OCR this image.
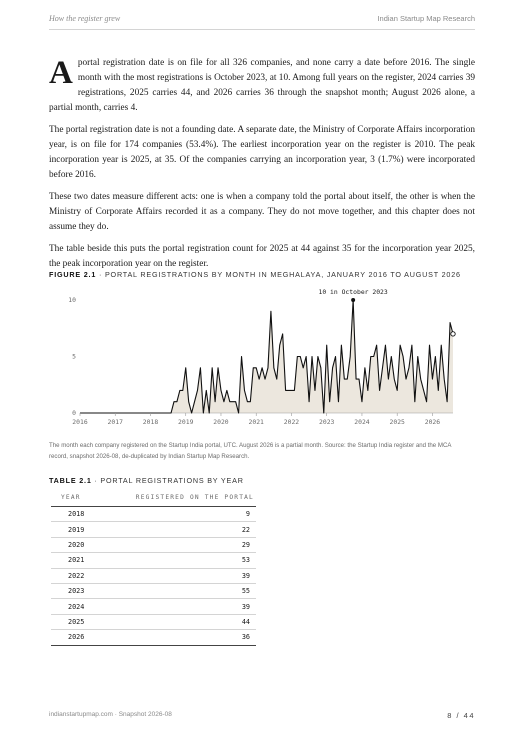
How the register grew	Indian Startup Map Research

Aportal registration date is on file for all 326 companies, and none carry a date before 2016. The single month with the most registrations is October 2023, at 10. Among full years on the register, 2024 carries 39 registrations, 2025 carries 44, and 2026 carries 36 through the snapshot month; August 2026 alone, a partial month, carries 4.

The portal registration date is not a founding date. A separate date, the Ministry of Corporate Affairs incorporation year, is on file for 174 companies (53.4%). The earliest incorporation year on the register is 2010. The peak incorporation year is 2025, at 35. Of the companies carrying an incorporation year, 3 (1.7%) were incorporated before 2016.

These two dates measure different acts: one is when a company told the portal about itself, the other is when the Ministry of Corporate Affairs recorded it as a company. They do not move together, and this chapter does not assume they do.

The table beside this puts the portal registration count for 2025 at 44 against 35 for the incorporation year 2025, the peak incorporation year on the register.

FIGURE 2.1 · PORTAL REGISTRATIONS BY MONTH IN MEGHALAYA, JANUARY 2016 TO AUGUST 2026
0
5
10
2016	2017	2018	2019	2020	2021	2022	2023	2024	2025	2026
10 in October 2023
The month each company registered on the Startup India portal, UTC. August 2026 is a partial month. Source: the Startup India register and the MCA record, snapshot 2026-08, de-duplicated by Indian Startup Map Research.
TABLE 2.1 · PORTAL REGISTRATIONS BY YEAR
YEAR	REGISTERED ON THE PORTAL
2018	9
2019	22
2020	29
2021	53
2022	39
2023	55
2024	39
2025	44
2026	36
indianstartupmap.com · Snapshot 2026-08	8 / 44
